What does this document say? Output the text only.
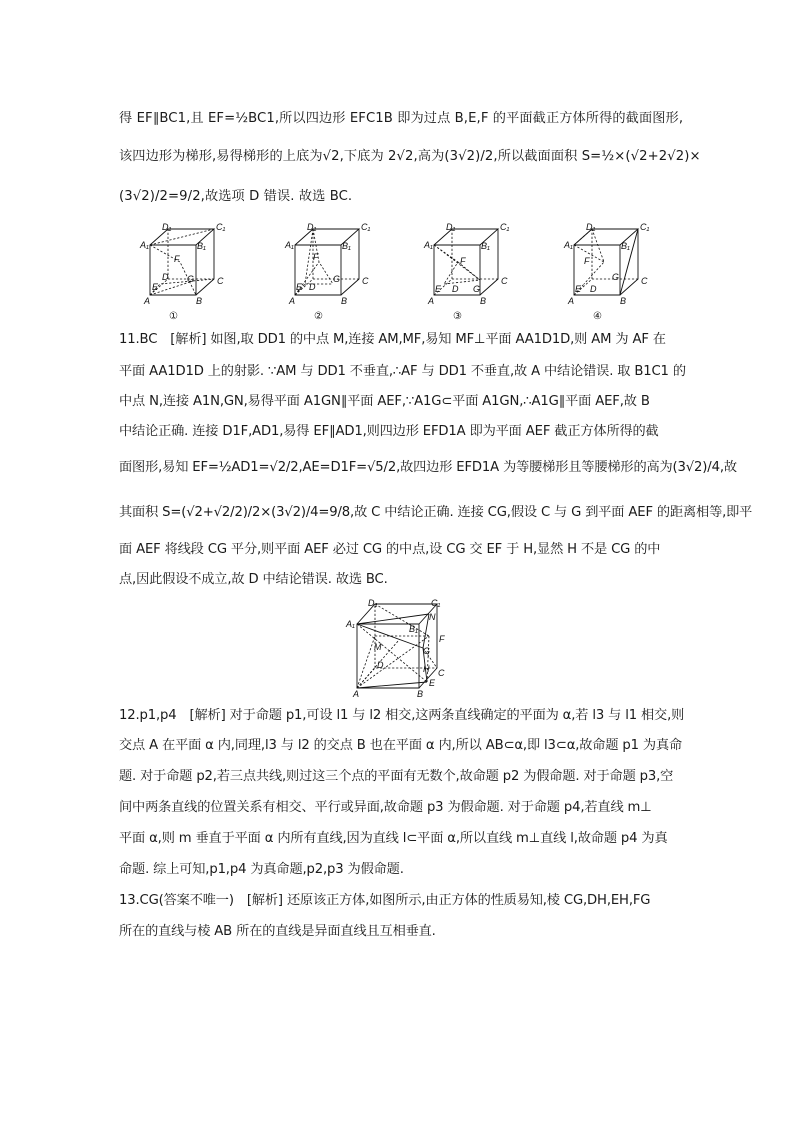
得 EF∥BC1,且 EF=½BC1,所以四边形 EFC1B 即为过点 B,E,F 的平面截正方体所得的截面图形,
该四边形为梯形,易得梯形的上底为√2,下底为 2√2,高为(3√2)/2,所以截面面积 S=½×(√2+2√2)×
(3√2)/2=9/2,故选项 D 错误. 故选 BC.
D₁	C₁
A₁	B₁
F
D G	C
E
A	B
①
D₁	C₁
A₁	B₁
F
D
G C
E
A	B
②
D₁	C₁
A₁	B₁
F
D G
C
E
A	B
③
D₁	C₁
A₁	B₁
F
D
G C
E
A	B
④
11.BC　[解析] 如图,取 DD1 的中点 M,连接 AM,MF,易知 MF⊥平面 AA1D1D,则 AM 为 AF 在
平面 AA1D1D 上的射影. ∵AM 与 DD1 不垂直,∴AF 与 DD1 不垂直,故 A 中结论错误. 取 B1C1 的
中点 N,连接 A1N,GN,易得平面 A1GN∥平面 AEF,∵A1G⊂平面 A1GN,∴A1G∥平面 AEF,故 B
中结论正确. 连接 D1F,AD1,易得 EF∥AD1,则四边形 EFD1A 即为平面 AEF 截正方体所得的截
面图形,易知 EF=½AD1=√2/2,AE=D1F=√5/2,故四边形 EFD1A 为等腰梯形且等腰梯形的高为(3√2)/4,故
其面积 S=(√2+√2/2)/2×(3√2)/4=9/8,故 C 中结论正确. 连接 CG,假设 C 与 G 到平面 AEF 的距离相等,即平
面 AEF 将线段 CG 平分,则平面 AEF 必过 CG 的中点,设 CG 交 EF 于 H,显然 H 不是 CG 的中
点,因此假设不成立,故 D 中结论错误. 故选 BC.
D₁	C₁
N
A₁	B₁
F
M	G
D	H C
E
A	B
12.p1,p4　[解析] 对于命题 p1,可设 l1 与 l2 相交,这两条直线确定的平面为 α,若 l3 与 l1 相交,则
交点 A 在平面 α 内,同理,l3 与 l2 的交点 B 也在平面 α 内,所以 AB⊂α,即 l3⊂α,故命题 p1 为真命
题. 对于命题 p2,若三点共线,则过这三个点的平面有无数个,故命题 p2 为假命题. 对于命题 p3,空
间中两条直线的位置关系有相交、平行或异面,故命题 p3 为假命题. 对于命题 p4,若直线 m⊥
平面 α,则 m 垂直于平面 α 内所有直线,因为直线 l⊂平面 α,所以直线 m⊥直线 l,故命题 p4 为真
命题. 综上可知,p1,p4 为真命题,p2,p3 为假命题.
13.CG(答案不唯一)　[解析] 还原该正方体,如图所示,由正方体的性质易知,棱 CG,DH,EH,FG
所在的直线与棱 AB 所在的直线是异面直线且互相垂直.
